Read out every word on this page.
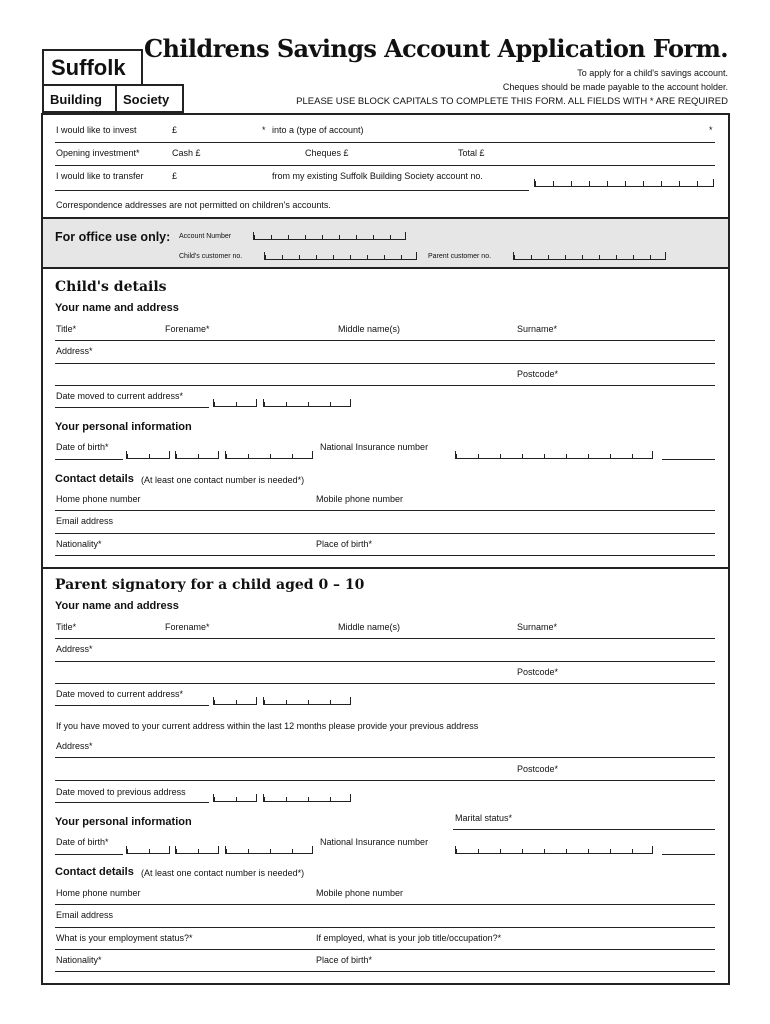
Suffolk
Building Society
Childrens Savings Account Application Form.
To apply for a child's savings account.
Cheques should be made payable to the account holder.
PLEASE USE BLOCK CAPITALS TO COMPLETE THIS FORM. ALL FIELDS WITH * ARE REQUIRED
I would like to invest	£	* into a (type of account)	*
Opening investment*	Cash £	Cheques £	Total £
I would like to transfer	£	from my existing Suffolk Building Society account no.
Correspondence addresses are not permitted on children's accounts.
For office use only: Account Number
Child's customer no.	Parent customer no.
Child's details
Your name and address
Title*	Forename*	Middle name(s)	Surname*
Address*
Postcode*
Date moved to current address*
Your personal information
Date of birth*	National Insurance number
Contact details (At least one contact number is needed*)
Home phone number	Mobile phone number
Email address
Nationality*	Place of birth*
Parent signatory for a child aged 0 – 10
Your name and address
Title*	Forename*	Middle name(s)	Surname*
Address*
Postcode*
Date moved to current address*
If you have moved to your current address within the last 12 months please provide your previous address
Address*
Postcode*
Date moved to previous address
Your personal information	Marital status*
Date of birth*	National Insurance number
Contact details (At least one contact number is needed*)
Home phone number	Mobile phone number
Email address
What is your employment status?*	If employed, what is your job title/occupation?*
Nationality*	Place of birth*
